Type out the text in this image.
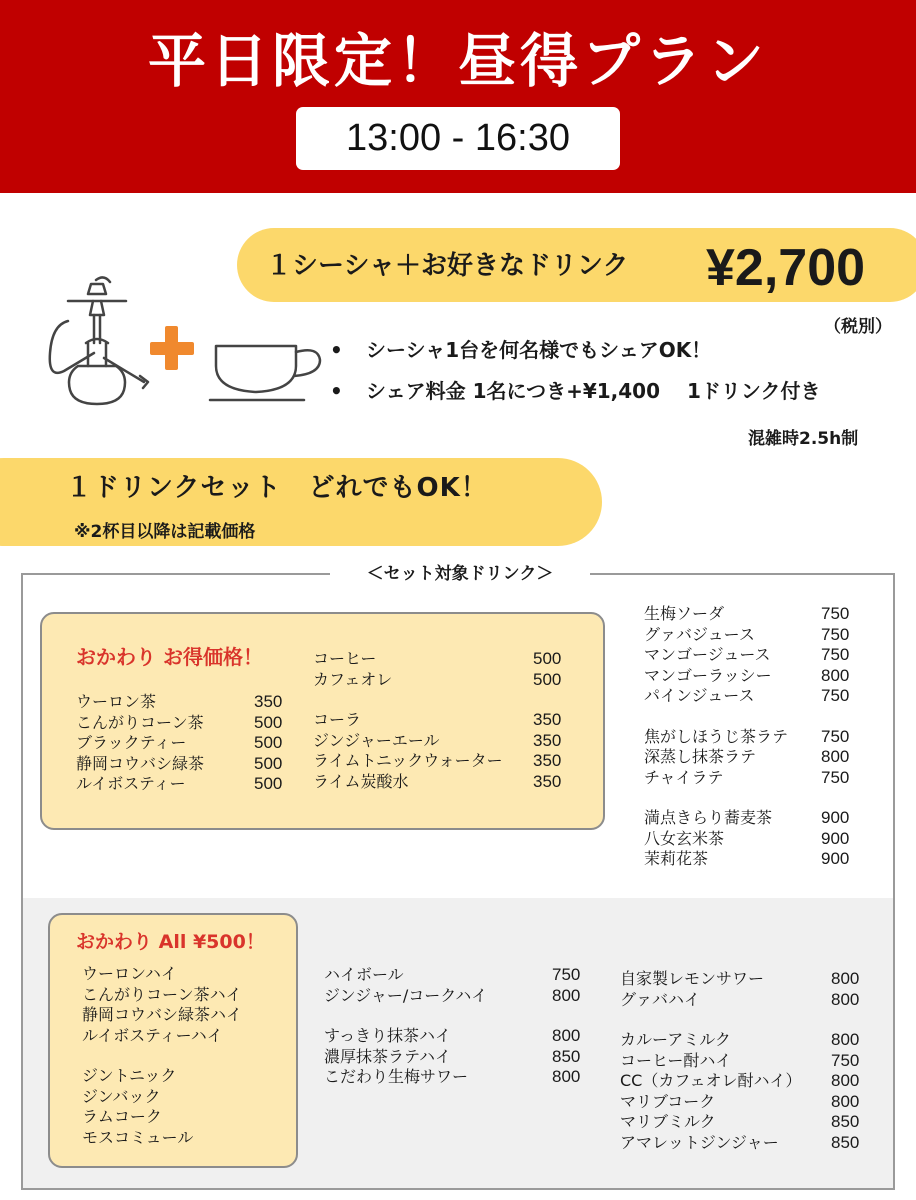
平日限定！昼得プラン
13:00 - 16:30
１シーシャ＋お好きなドリンク ¥2,700
（税別）
• シーシャ1台を何名様でもシェアOK！
• シェア料金 1名につき+¥1,400　 1ドリンク付き
混雑時2.5h制
１ドリンクセット　どれでもOK！
※2杯目以降は記載価格
＜セット対象ドリンク＞
おかわり お得価格！
ウーロン茶	350
こんがりコーン茶	500
ブラックティー	500
静岡コウバシ緑茶	500
ルイボスティー	500
コーヒー	500
カフェオレ	500
コーラ	350
ジンジャーエール	350
ライムトニックウォーター 350
ライム炭酸水	350
生梅ソーダ	750
グァバジュース	750
マンゴージュース	750
マンゴーラッシー	800
パインジュース	750
焦がしほうじ茶ラテ 750
深蒸し抹茶ラテ	800
チャイラテ	750
満点きらり蕎麦茶	900
八女玄米茶	900
茉莉花茶	900
おかわり All ¥500！
ウーロンハイ
こんがりコーン茶ハイ
静岡コウバシ緑茶ハイ
ルイボスティーハイ
ジントニック
ジンバック
ラムコーク
モスコミュール
ハイボール	750
ジンジャー/コークハイ	800
すっきり抹茶ハイ	800
濃厚抹茶ラテハイ	850
こだわり生梅サワー	800
自家製レモンサワー	800
グァバハイ	800
カルーアミルク	800
コーヒー酎ハイ	750
CC（カフェオレ酎ハイ） 800
マリブコーク	800
マリブミルク	850
アマレットジンジャー	850
